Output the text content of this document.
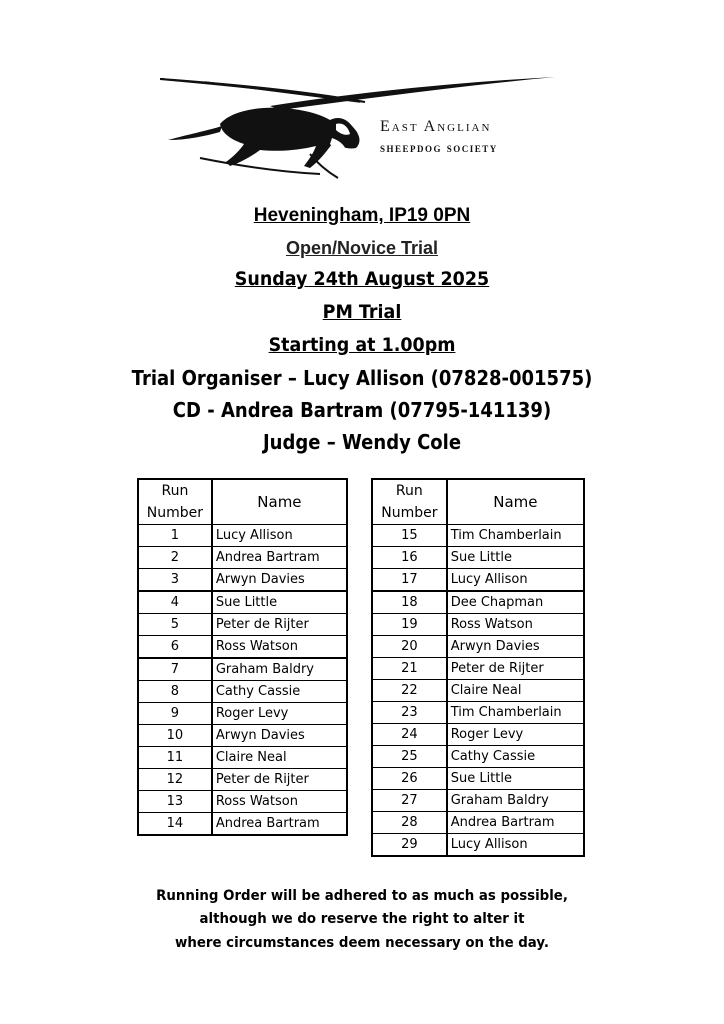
East Anglian
sheepdog society
Heveningham, IP19 0PN
Open/Novice Trial
Sunday 24th August 2025
PM Trial
Starting at 1.00pm
Trial Organiser – Lucy Allison (07828-001575)
CD - Andrea Bartram (07795-141139)
Judge – Wendy Cole
Run
Number	Name
1	Lucy Allison
2	Andrea Bartram
3	Arwyn Davies
4	Sue Little
5	Peter de Rijter
6	Ross Watson
7	Graham Baldry
8	Cathy Cassie
9	Roger Levy
10	Arwyn Davies
11	Claire Neal
12	Peter de Rijter
13	Ross Watson
14	Andrea Bartram
Run
Number	Name
15	Tim Chamberlain
16	Sue Little
17	Lucy Allison
18	Dee Chapman
19	Ross Watson
20	Arwyn Davies
21	Peter de Rijter
22	Claire Neal
23	Tim Chamberlain
24	Roger Levy
25	Cathy Cassie
26	Sue Little
27	Graham Baldry
28	Andrea Bartram
29	Lucy Allison
Running Order will be adhered to as much as possible,
although we do reserve the right to alter it
where circumstances deem necessary on the day.
